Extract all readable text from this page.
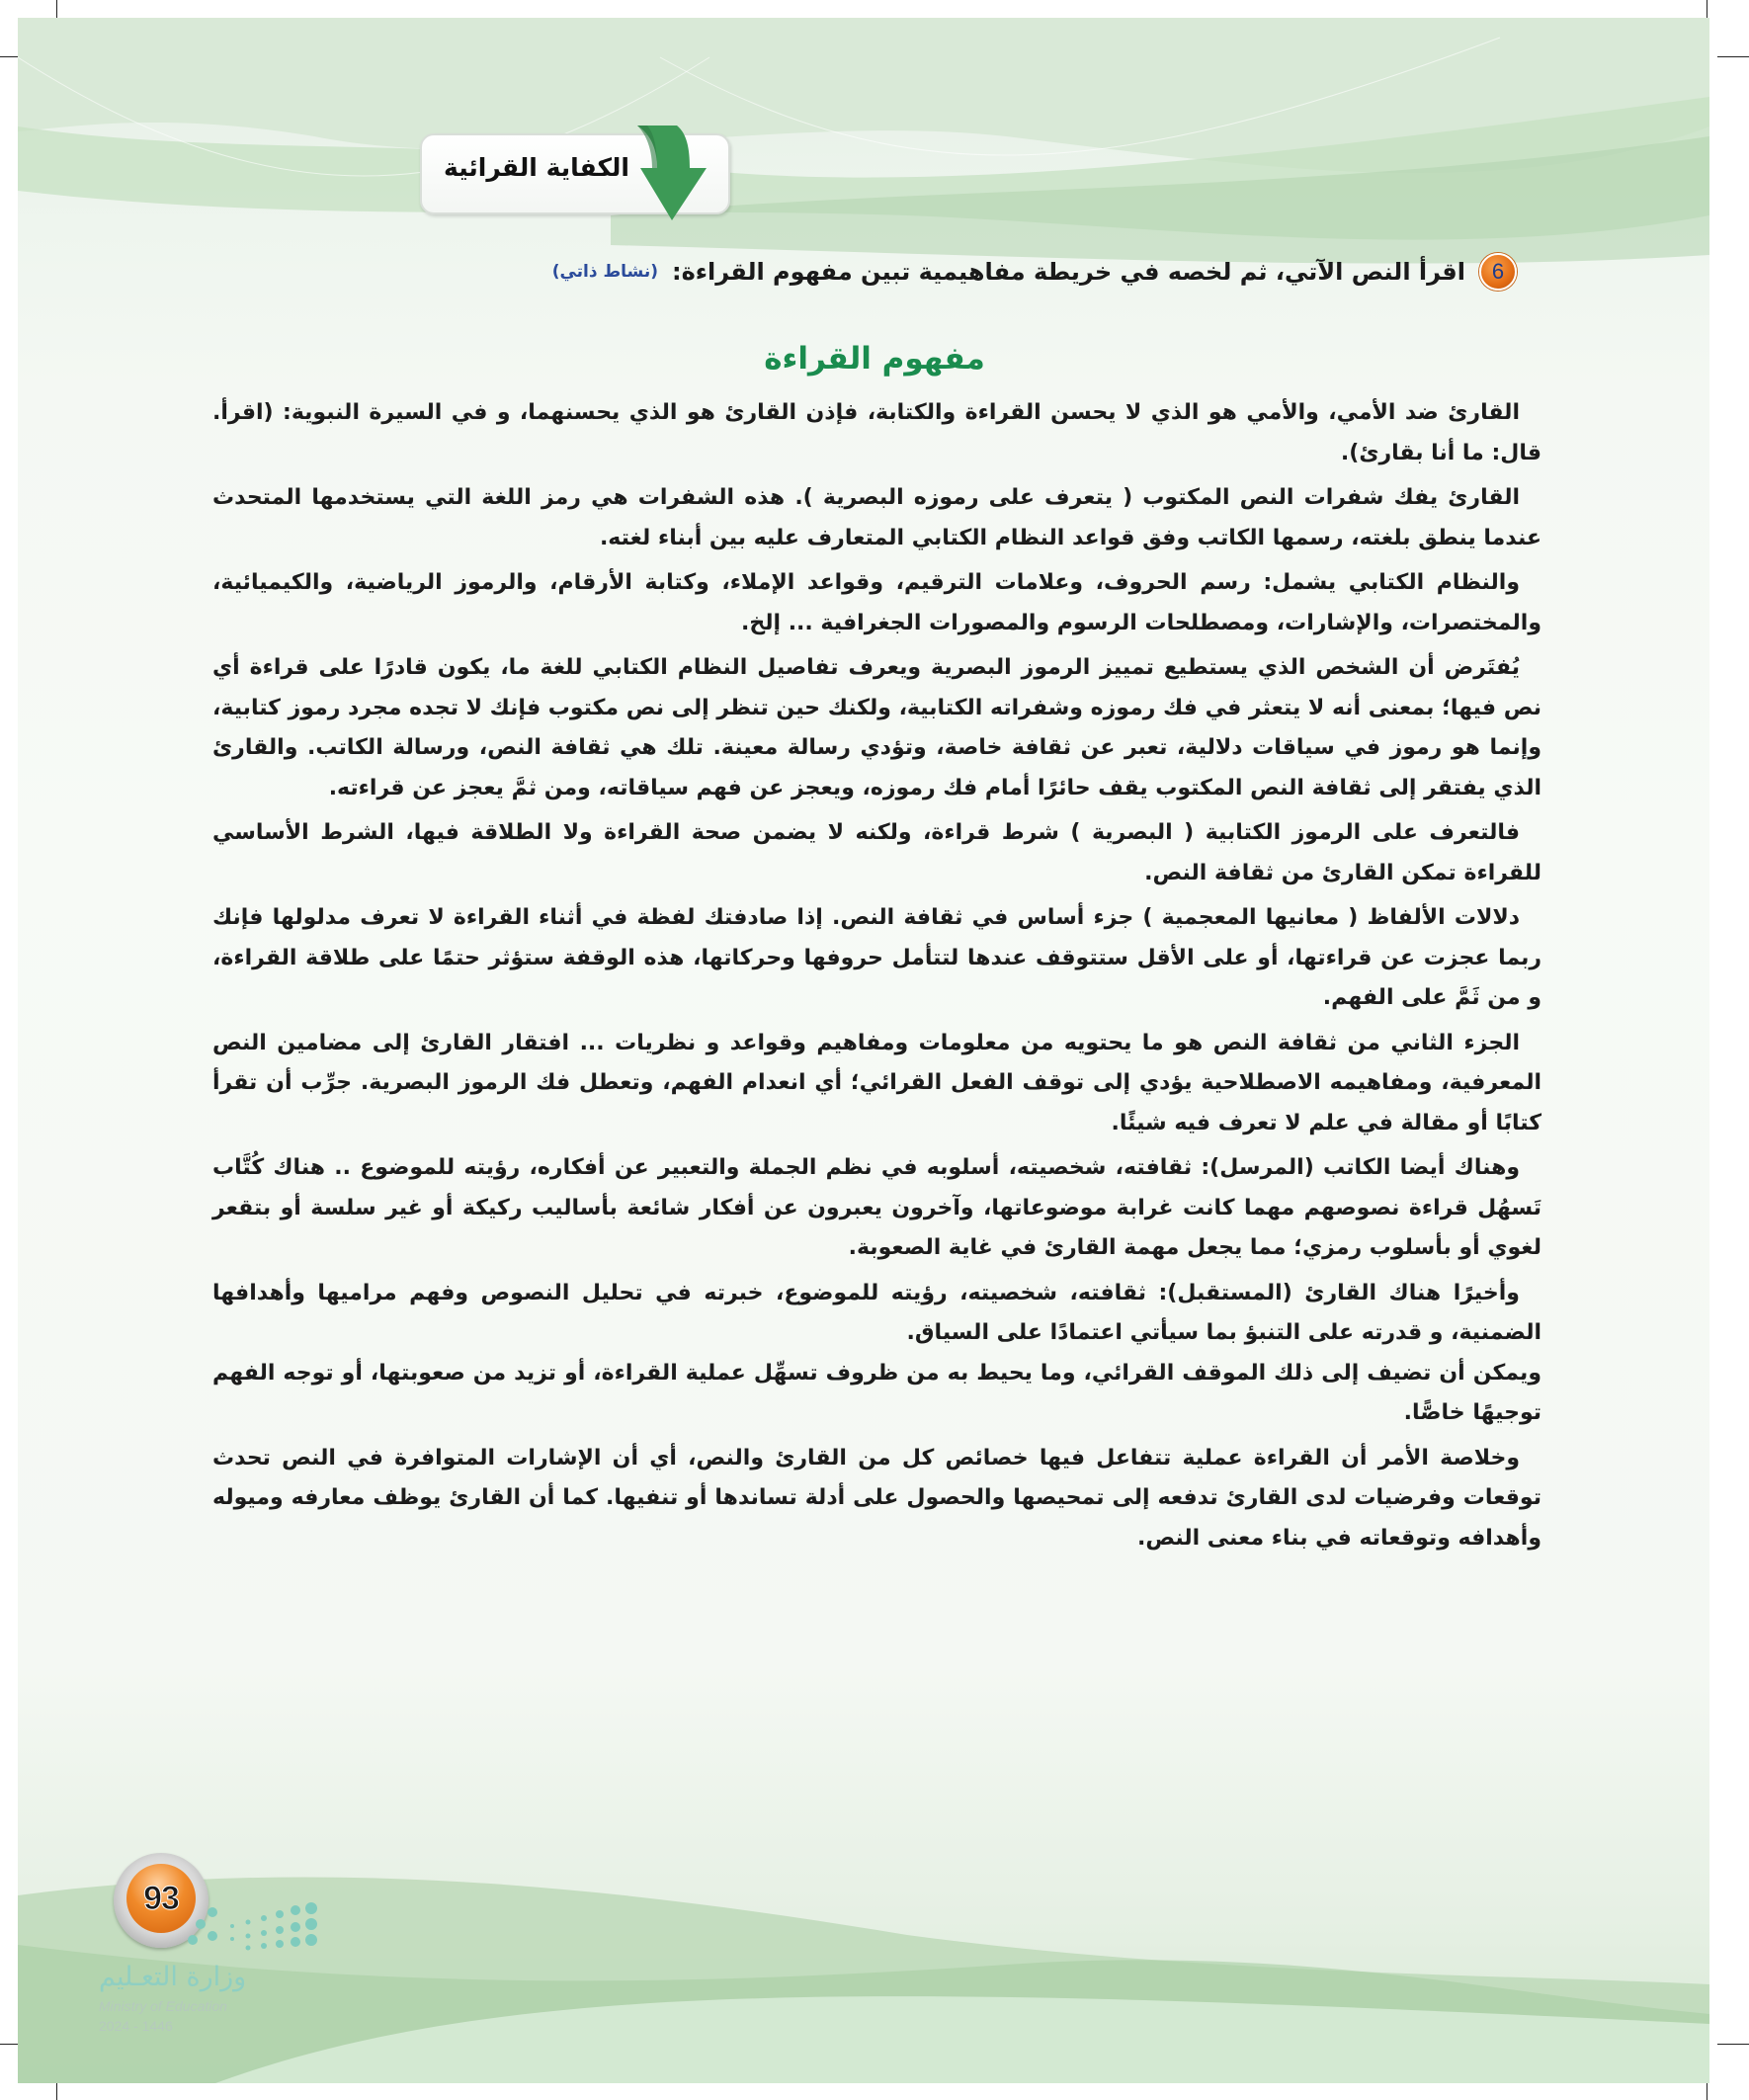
الكفاية القرائية
6
اقرأ النص الآتي، ثم لخصه في خريطة مفاهيمية تبين مفهوم القراءة:
(نشاط ذاتي)
مفهوم القراءة

القارئ ضد الأمي، والأمي هو الذي لا يحسن القراءة والكتابة، فإذن القارئ هو الذي يحسنهما، و في السيرة النبوية: (اقرأ. قال: ما أنا بقارئ).

القارئ يفك شفرات النص المكتوب ( يتعرف على رموزه البصرية ). هذه الشفرات هي رمز اللغة التي يستخدمها المتحدث عندما ينطق بلغته، رسمها الكاتب وفق قواعد النظام الكتابي المتعارف عليه بين أبناء لغته.

والنظام الكتابي يشمل: رسم الحروف، وعلامات الترقيم، وقواعد الإملاء، وكتابة الأرقام، والرموز الرياضية، والكيميائية، والمختصرات، والإشارات، ومصطلحات الرسوم والمصورات الجغرافية ... إلخ.

يُفتَرض أن الشخص الذي يستطيع تمييز الرموز البصرية ويعرف تفاصيل النظام الكتابي للغة ما، يكون قادرًا على قراءة أي نص فيها؛ بمعنى أنه لا يتعثر في فك رموزه وشفراته الكتابية، ولكنك حين تنظر إلى نص مكتوب فإنك لا تجده مجرد رموز كتابية، وإنما هو رموز في سياقات دلالية، تعبر عن ثقافة خاصة، وتؤدي رسالة معينة. تلك هي ثقافة النص، ورسالة الكاتب. والقارئ الذي يفتقر إلى ثقافة النص المكتوب يقف حائرًا أمام فك رموزه، ويعجز عن فهم سياقاته، ومن ثمَّ يعجز عن قراءته.

فالتعرف على الرموز الكتابية ( البصرية ) شرط قراءة، ولكنه لا يضمن صحة القراءة ولا الطلاقة فيها، الشرط الأساسي للقراءة تمكن القارئ من ثقافة النص.

دلالات الألفاظ ( معانيها المعجمية ) جزء أساس في ثقافة النص. إذا صادفتك لفظة في أثناء القراءة لا تعرف مدلولها فإنك ربما عجزت عن قراءتها، أو على الأقل ستتوقف عندها لتتأمل حروفها وحركاتها، هذه الوقفة ستؤثر حتمًا على طلاقة القراءة، و من ثَمَّ على الفهم.

الجزء الثاني من ثقافة النص هو ما يحتويه من معلومات ومفاهيم وقواعد و نظريات ... افتقار القارئ إلى مضامين النص المعرفية، ومفاهيمه الاصطلاحية يؤدي إلى توقف الفعل القرائي؛ أي انعدام الفهم، وتعطل فك الرموز البصرية. جرِّب أن تقرأ كتابًا أو مقالة في علم لا تعرف فيه شيئًا.

وهناك أيضا الكاتب (المرسل): ثقافته، شخصيته، أسلوبه في نظم الجملة والتعبير عن أفكاره، رؤيته للموضوع .. هناك كُتَّاب تَسهُل قراءة نصوصهم مهما كانت غرابة موضوعاتها، وآخرون يعبرون عن أفكار شائعة بأساليب ركيكة أو غير سلسة أو بتقعر لغوي أو بأسلوب رمزي؛ مما يجعل مهمة القارئ في غاية الصعوبة.

وأخيرًا هناك القارئ (المستقبل): ثقافته، شخصيته، رؤيته للموضوع، خبرته في تحليل النصوص وفهم مراميها وأهدافها الضمنية، و قدرته على التنبؤ بما سيأتي اعتمادًا على السياق.

ويمكن أن تضيف إلى ذلك الموقف القرائي، وما يحيط به من ظروف تسهِّل عملية القراءة، أو تزيد من صعوبتها، أو توجه الفهم توجيهًا خاصًّا.

وخلاصة الأمر أن القراءة عملية تتفاعل فيها خصائص كل من القارئ والنص، أي أن الإشارات المتوافرة في النص تحدث توقعات وفرضيات لدى القارئ تدفعه إلى تمحيصها والحصول على أدلة تساندها أو تنفيها. كما أن القارئ يوظف معارفه وميوله وأهدافه وتوقعاته في بناء معنى النص.

93
وزارة التعـليم
Ministry of Education
2024 - 1446
